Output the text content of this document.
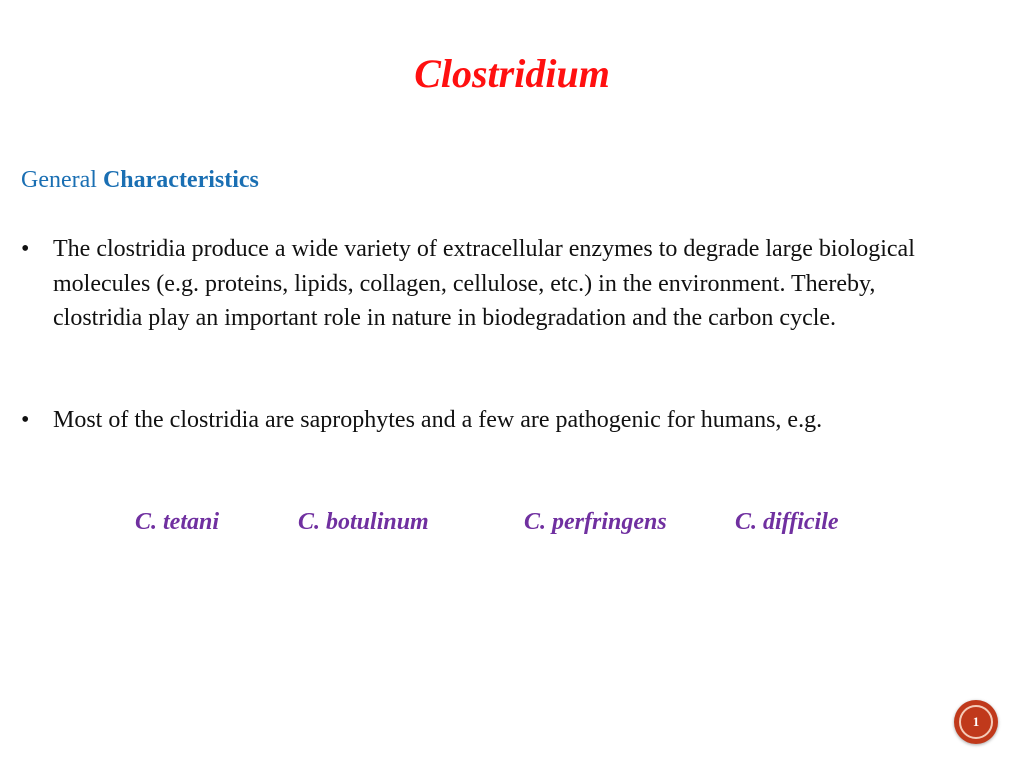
Clostridium
General Characteristics
• The clostridia produce a wide variety of extracellular enzymes to degrade large biological molecules (e.g. proteins, lipids, collagen, cellulose, etc.) in the environment. Thereby, clostridia play an important role in nature in biodegradation and the carbon cycle.
• Most of the clostridia are saprophytes and a few are pathogenic for humans, e.g.
C. tetani	C. botulinum	C. perfringens	C. difficile
1
